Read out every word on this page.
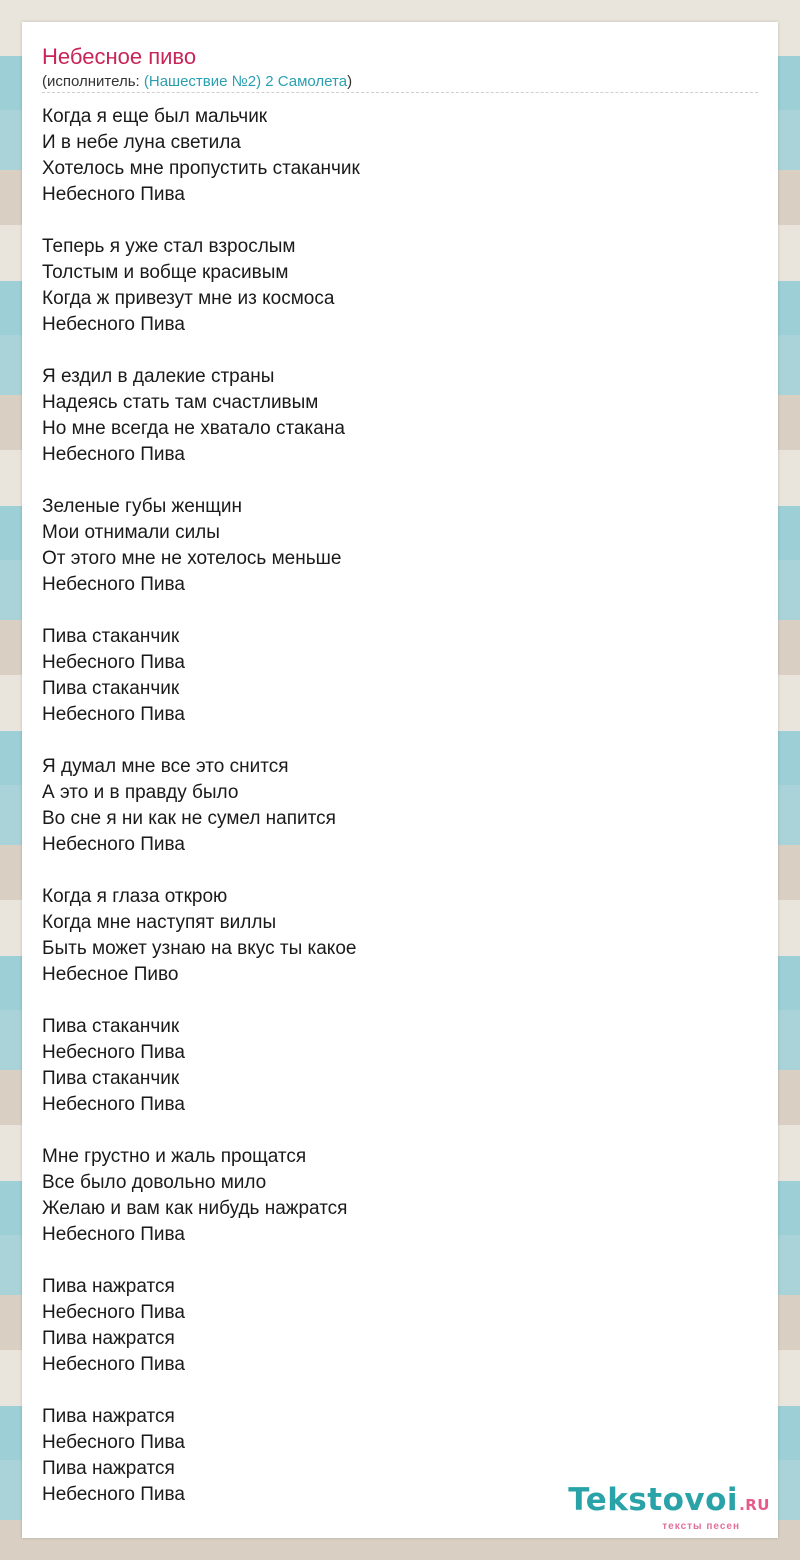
Небесное пиво
(исполнитель: (Нашествие №2) 2 Самолета)
Когда я еще был мальчик
И в небе луна светила
Хотелось мне пропустить стаканчик
Небесного Пива
Теперь я уже стал взрослым
Толстым и вобще красивым
Когда ж привезут мне из космоса
Небесного Пива
Я ездил в далекие страны
Надеясь стать там счастливым
Но мне всегда не хватало стакана
Небесного Пива
Зеленые губы женщин
Мои отнимали силы
От этого мне не хотелось меньше
Небесного Пива
Пива стаканчик
Небесного Пива
Пива стаканчик
Небесного Пива
Я думал мне все это снится
А это и в правду было
Во сне я ни как не сумел напится
Небесного Пива
Когда я глаза открою
Когда мне наступят виллы
Быть может узнаю на вкус ты какое
Небесное Пиво
Пива стаканчик
Небесного Пива
Пива стаканчик
Небесного Пива
Мне грустно и жаль прощатся
Все было довольно мило
Желаю и вам как нибудь нажратся
Небесного Пива
Пива нажратся
Небесного Пива
Пива нажратся
Небесного Пива
Пива нажратся
Небесного Пива
Пива нажратся
Небесного Пива	Tekstovoi.RU
тексты песен
